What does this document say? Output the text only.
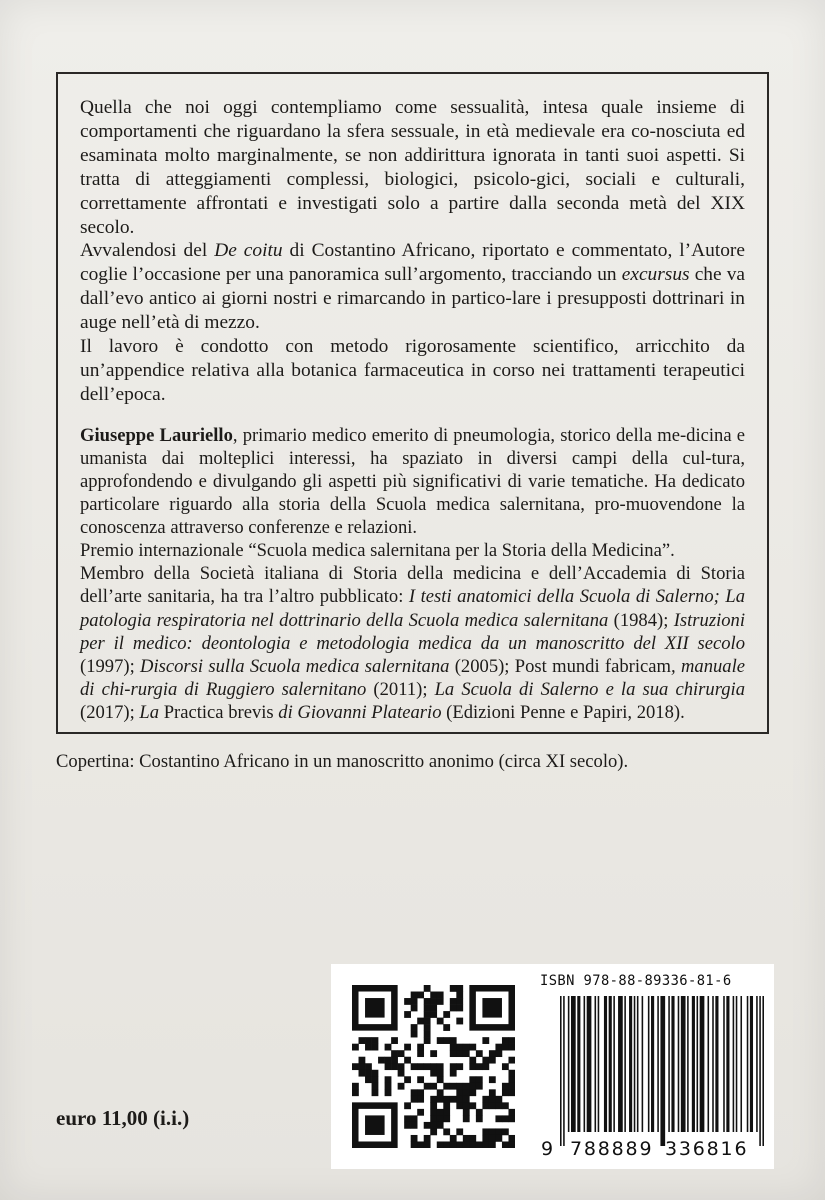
Quella che noi oggi contempliamo come sessualità, intesa quale insieme di comportamenti che riguardano la sfera sessuale, in età medievale era co-nosciuta ed esaminata molto marginalmente, se non addirittura ignorata in tanti suoi aspetti. Si tratta di atteggiamenti complessi, biologici, psicolo-gici, sociali e culturali, correttamente affrontati e investigati solo a partire dalla seconda metà del XIX secolo.

Avvalendosi del De coitu di Costantino Africano, riportato e commentato, l’Autore coglie l’occasione per una panoramica sull’argomento, tracciando un excursus che va dall’evo antico ai giorni nostri e rimarcando in partico-lare i presupposti dottrinari in auge nell’età di mezzo.

Il lavoro è condotto con metodo rigorosamente scientifico, arricchito da un’appendice relativa alla botanica farmaceutica in corso nei trattamenti terapeutici dell’epoca.

Giuseppe Lauriello, primario medico emerito di pneumologia, storico della me-dicina e umanista dai molteplici interessi, ha spaziato in diversi campi della cul-tura, approfondendo e divulgando gli aspetti più significativi di varie tematiche. Ha dedicato particolare riguardo alla storia della Scuola medica salernitana, pro-muovendone la conoscenza attraverso conferenze e relazioni.

Premio internazionale “Scuola medica salernitana per la Storia della Medicina”.

Membro della Società italiana di Storia della medicina e dell’Accademia di Storia dell’arte sanitaria, ha tra l’altro pubblicato: I testi anatomici della Scuola di Salerno; La patologia respiratoria nel dottrinario della Scuola medica salernitana (1984); Istruzioni per il medico: deontologia e metodologia medica da un manoscritto del XII secolo (1997); Discorsi sulla Scuola medica salernitana (2005); Post mundi fabricam, manuale di chi-rurgia di Ruggiero salernitano (2011); La Scuola di Salerno e la sua chirurgia (2017); La Practica brevis di Giovanni Plateario (Edizioni Penne e Papiri, 2018).

Copertina: Costantino Africano in un manoscritto anonimo (circa XI secolo).

ISBN 978-88-89336-81-6
9 788889 336816

euro 11,00 (i.i.)
